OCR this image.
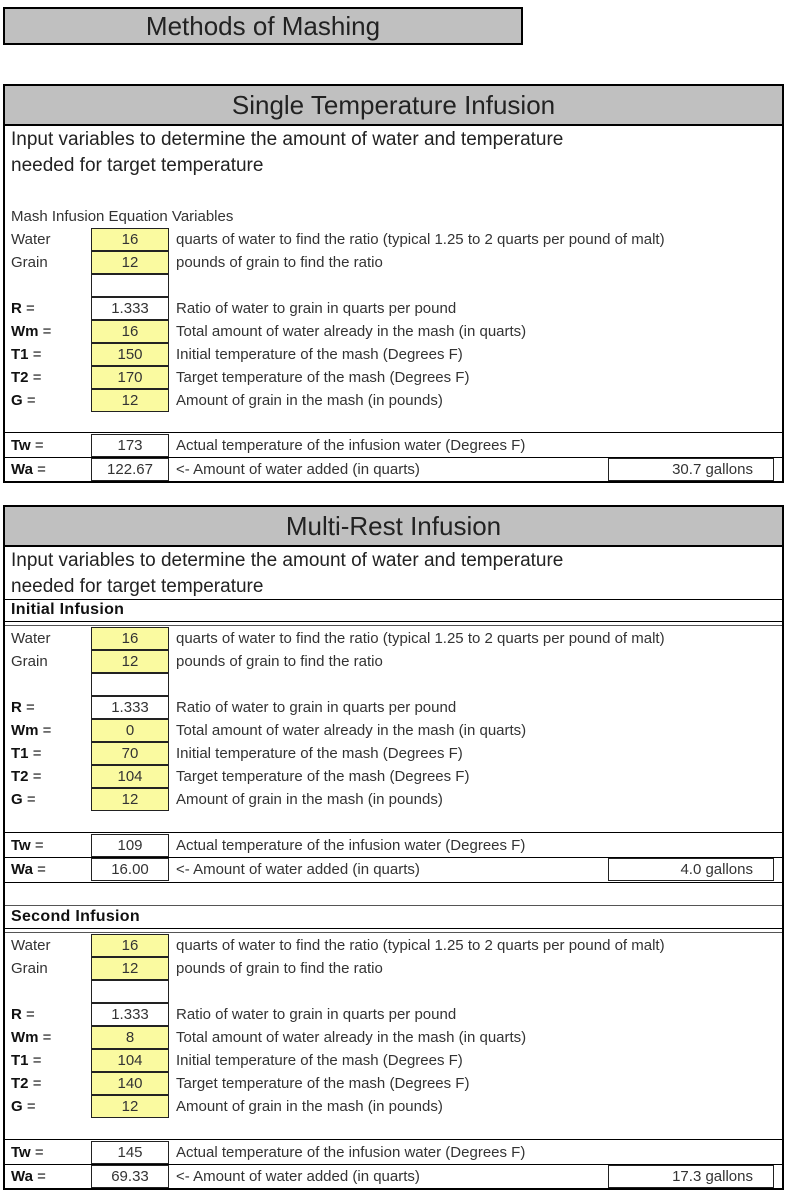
Methods of Mashing
Single Temperature Infusion
Input variables to determine the amount of water and temperature
needed for target temperature
Mash Infusion Equation Variables
Water	16	quarts of water to find the ratio (typical 1.25 to 2 quarts per pound of malt)
Grain	12	pounds of grain to find the ratio
R =	1.333	Ratio of water to grain in quarts per pound
Wm =	16	Total amount of water already in the mash (in quarts)
T1 =	150	Initial temperature of the mash (Degrees F)
T2 =	170	Target temperature of the mash (Degrees F)
G =	12	Amount of grain in the mash (in pounds)
Tw =	173	Actual temperature of the infusion water (Degrees F)
Wa =	122.67	<- Amount of water added (in quarts)	30.7 gallons
Multi-Rest Infusion
Input variables to determine the amount of water and temperature
needed for target temperature
Initial Infusion
Water	16	quarts of water to find the ratio (typical 1.25 to 2 quarts per pound of malt)
Grain	12	pounds of grain to find the ratio
R =	1.333	Ratio of water to grain in quarts per pound
Wm =	0	Total amount of water already in the mash (in quarts)
T1 =	70	Initial temperature of the mash (Degrees F)
T2 =	104	Target temperature of the mash (Degrees F)
G =	12	Amount of grain in the mash (in pounds)
Tw =	109	Actual temperature of the infusion water (Degrees F)
Wa =	16.00	<- Amount of water added (in quarts)	4.0 gallons
Second Infusion
Water	16	quarts of water to find the ratio (typical 1.25 to 2 quarts per pound of malt)
Grain	12	pounds of grain to find the ratio
R =	1.333	Ratio of water to grain in quarts per pound
Wm =	8	Total amount of water already in the mash (in quarts)
T1 =	104	Initial temperature of the mash (Degrees F)
T2 =	140	Target temperature of the mash (Degrees F)
G =	12	Amount of grain in the mash (in pounds)
Tw =	145	Actual temperature of the infusion water (Degrees F)
Wa =	69.33	<- Amount of water added (in quarts)	17.3 gallons
